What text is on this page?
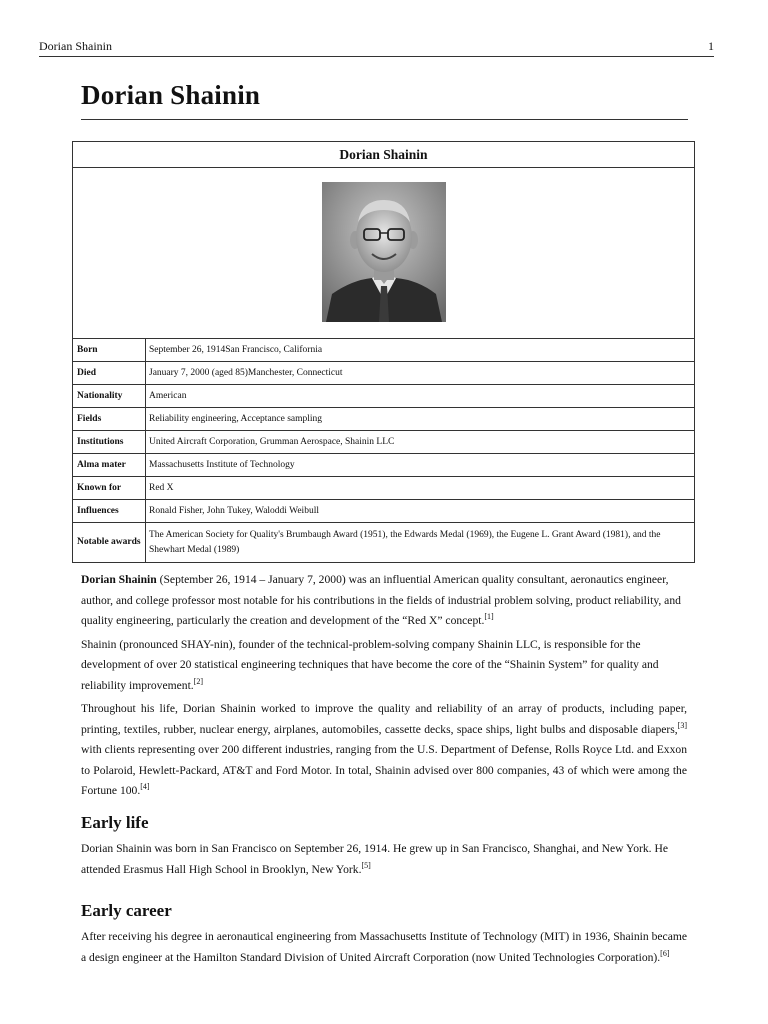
Dorian Shainin	1
Dorian Shainin
Dorian Shainin	

Born	September 26, 1914San Francisco, California
Died	January 7, 2000 (aged 85)Manchester, Connecticut
Nationality	American
Fields	Reliability engineering, Acceptance sampling
Institutions	United Aircraft Corporation, Grumman Aerospace, Shainin LLC
Alma mater	Massachusetts Institute of Technology
Known for	Red X
Influences	Ronald Fisher, John Tukey, Waloddi Weibull
Notable awards	The American Society for Quality's Brumbaugh Award (1951), the Edwards Medal (1969), the Eugene L. Grant Award (1981), and the Shewhart Medal (1989)

Dorian Shainin (September 26, 1914 – January 7, 2000) was an influential American quality consultant, aeronautics engineer, author, and college professor most notable for his contributions in the fields of industrial problem solving, product reliability, and quality engineering, particularly the creation and development of the “Red X” concept.[1]

Shainin (pronounced SHAY-nin), founder of the technical-problem-solving company Shainin LLC, is responsible for the development of over 20 statistical engineering techniques that have become the core of the “Shainin System” for quality and reliability improvement.[2]

Throughout his life, Dorian Shainin worked to improve the quality and reliability of an array of products, including paper, printing, textiles, rubber, nuclear energy, airplanes, automobiles, cassette decks, space ships, light bulbs and disposable diapers,[3] with clients representing over 200 different industries, ranging from the U.S. Department of Defense, Rolls Royce Ltd. and Exxon to Polaroid, Hewlett-Packard, AT&T and Ford Motor. In total, Shainin advised over 800 companies, 43 of which were among the Fortune 100.[4]

Early life

Dorian Shainin was born in San Francisco on September 26, 1914. He grew up in San Francisco, Shanghai, and New York. He attended Erasmus Hall High School in Brooklyn, New York.[5]

Early career

After receiving his degree in aeronautical engineering from Massachusetts Institute of Technology (MIT) in 1936, Shainin became a design engineer at the Hamilton Standard Division of United Aircraft Corporation (now United Technologies Corporation).[6]
